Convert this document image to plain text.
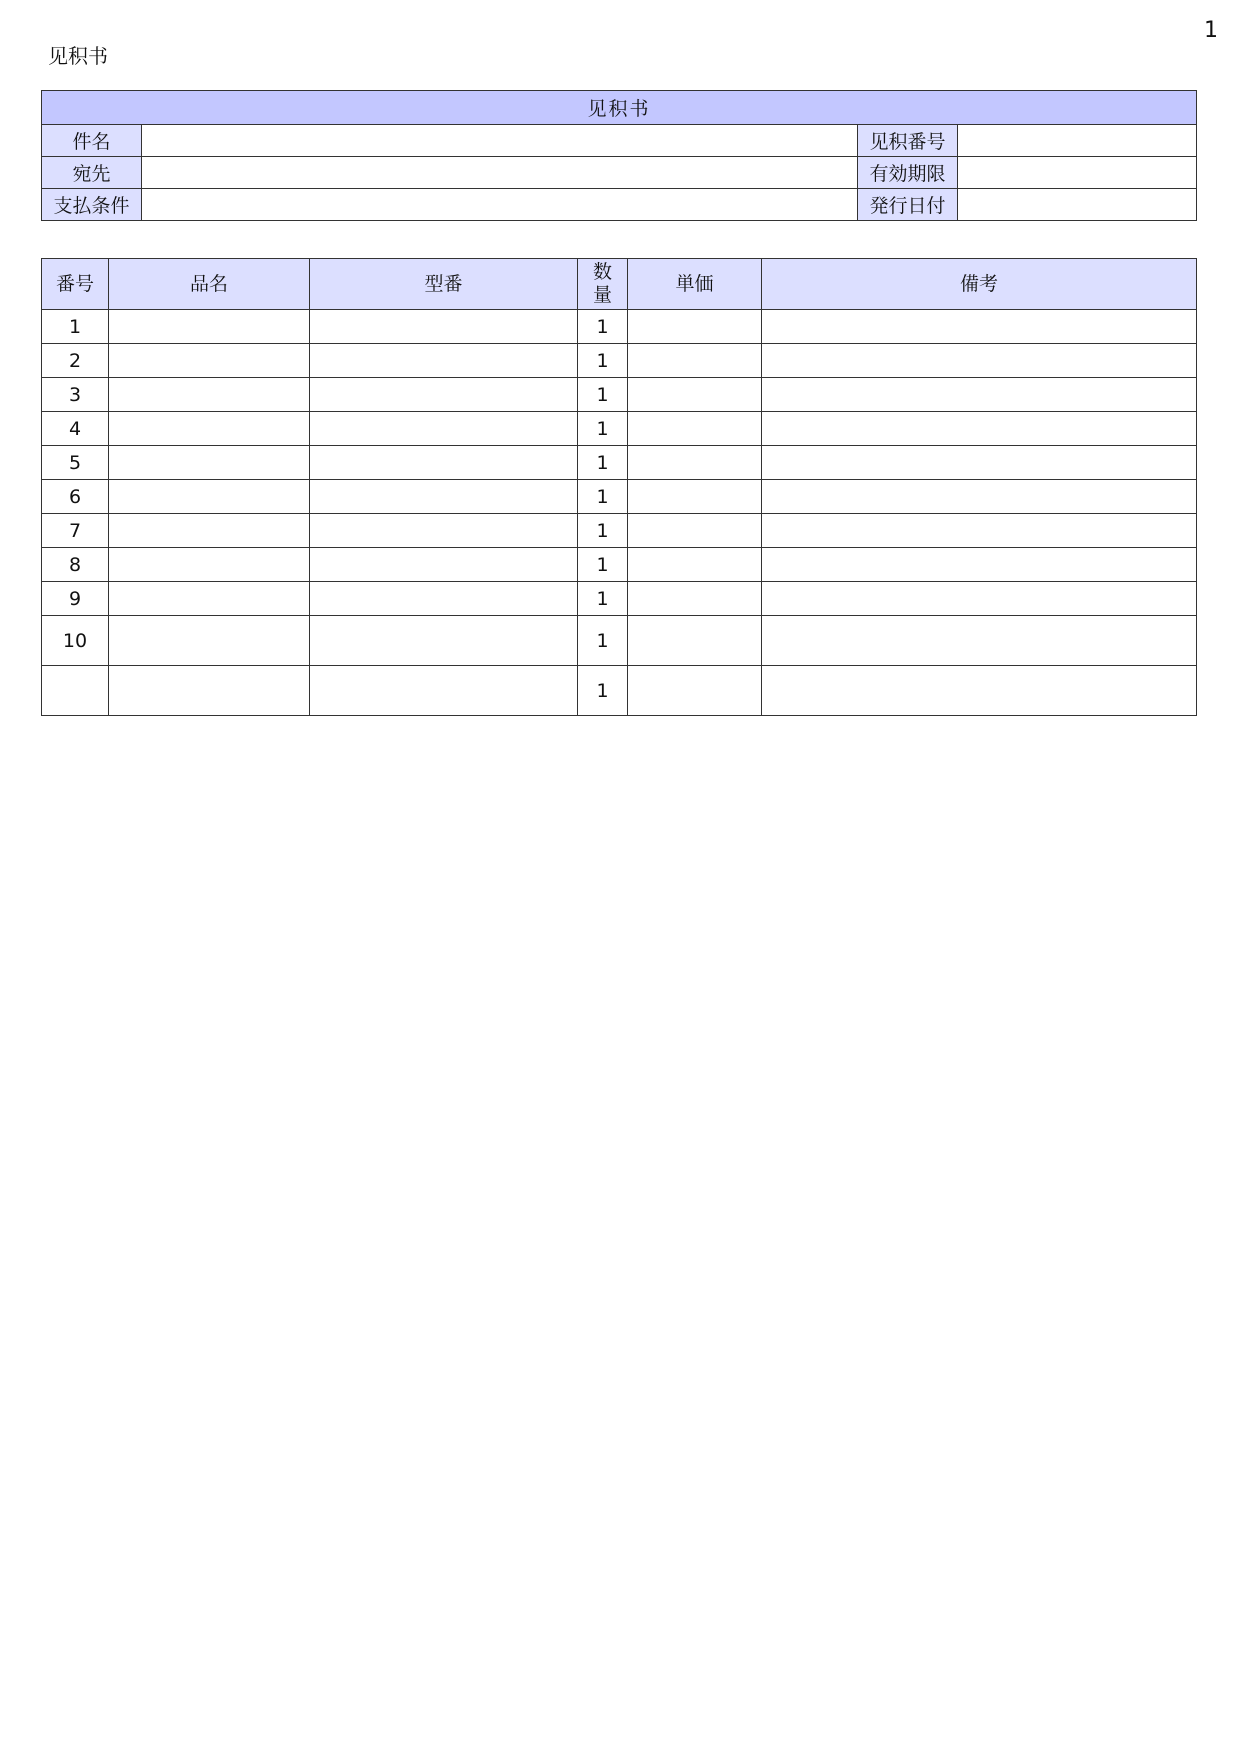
1
见积书
见积书			
件名		见积番号	
宛先		有効期限	
支払条件		発行日付	
番号	品名	型番	数量	単価	備考
1			1		
2			1		
3			1		
4			1		
5			1		
6			1		
7			1		
8			1		
9			1		
10			1		
			1		
